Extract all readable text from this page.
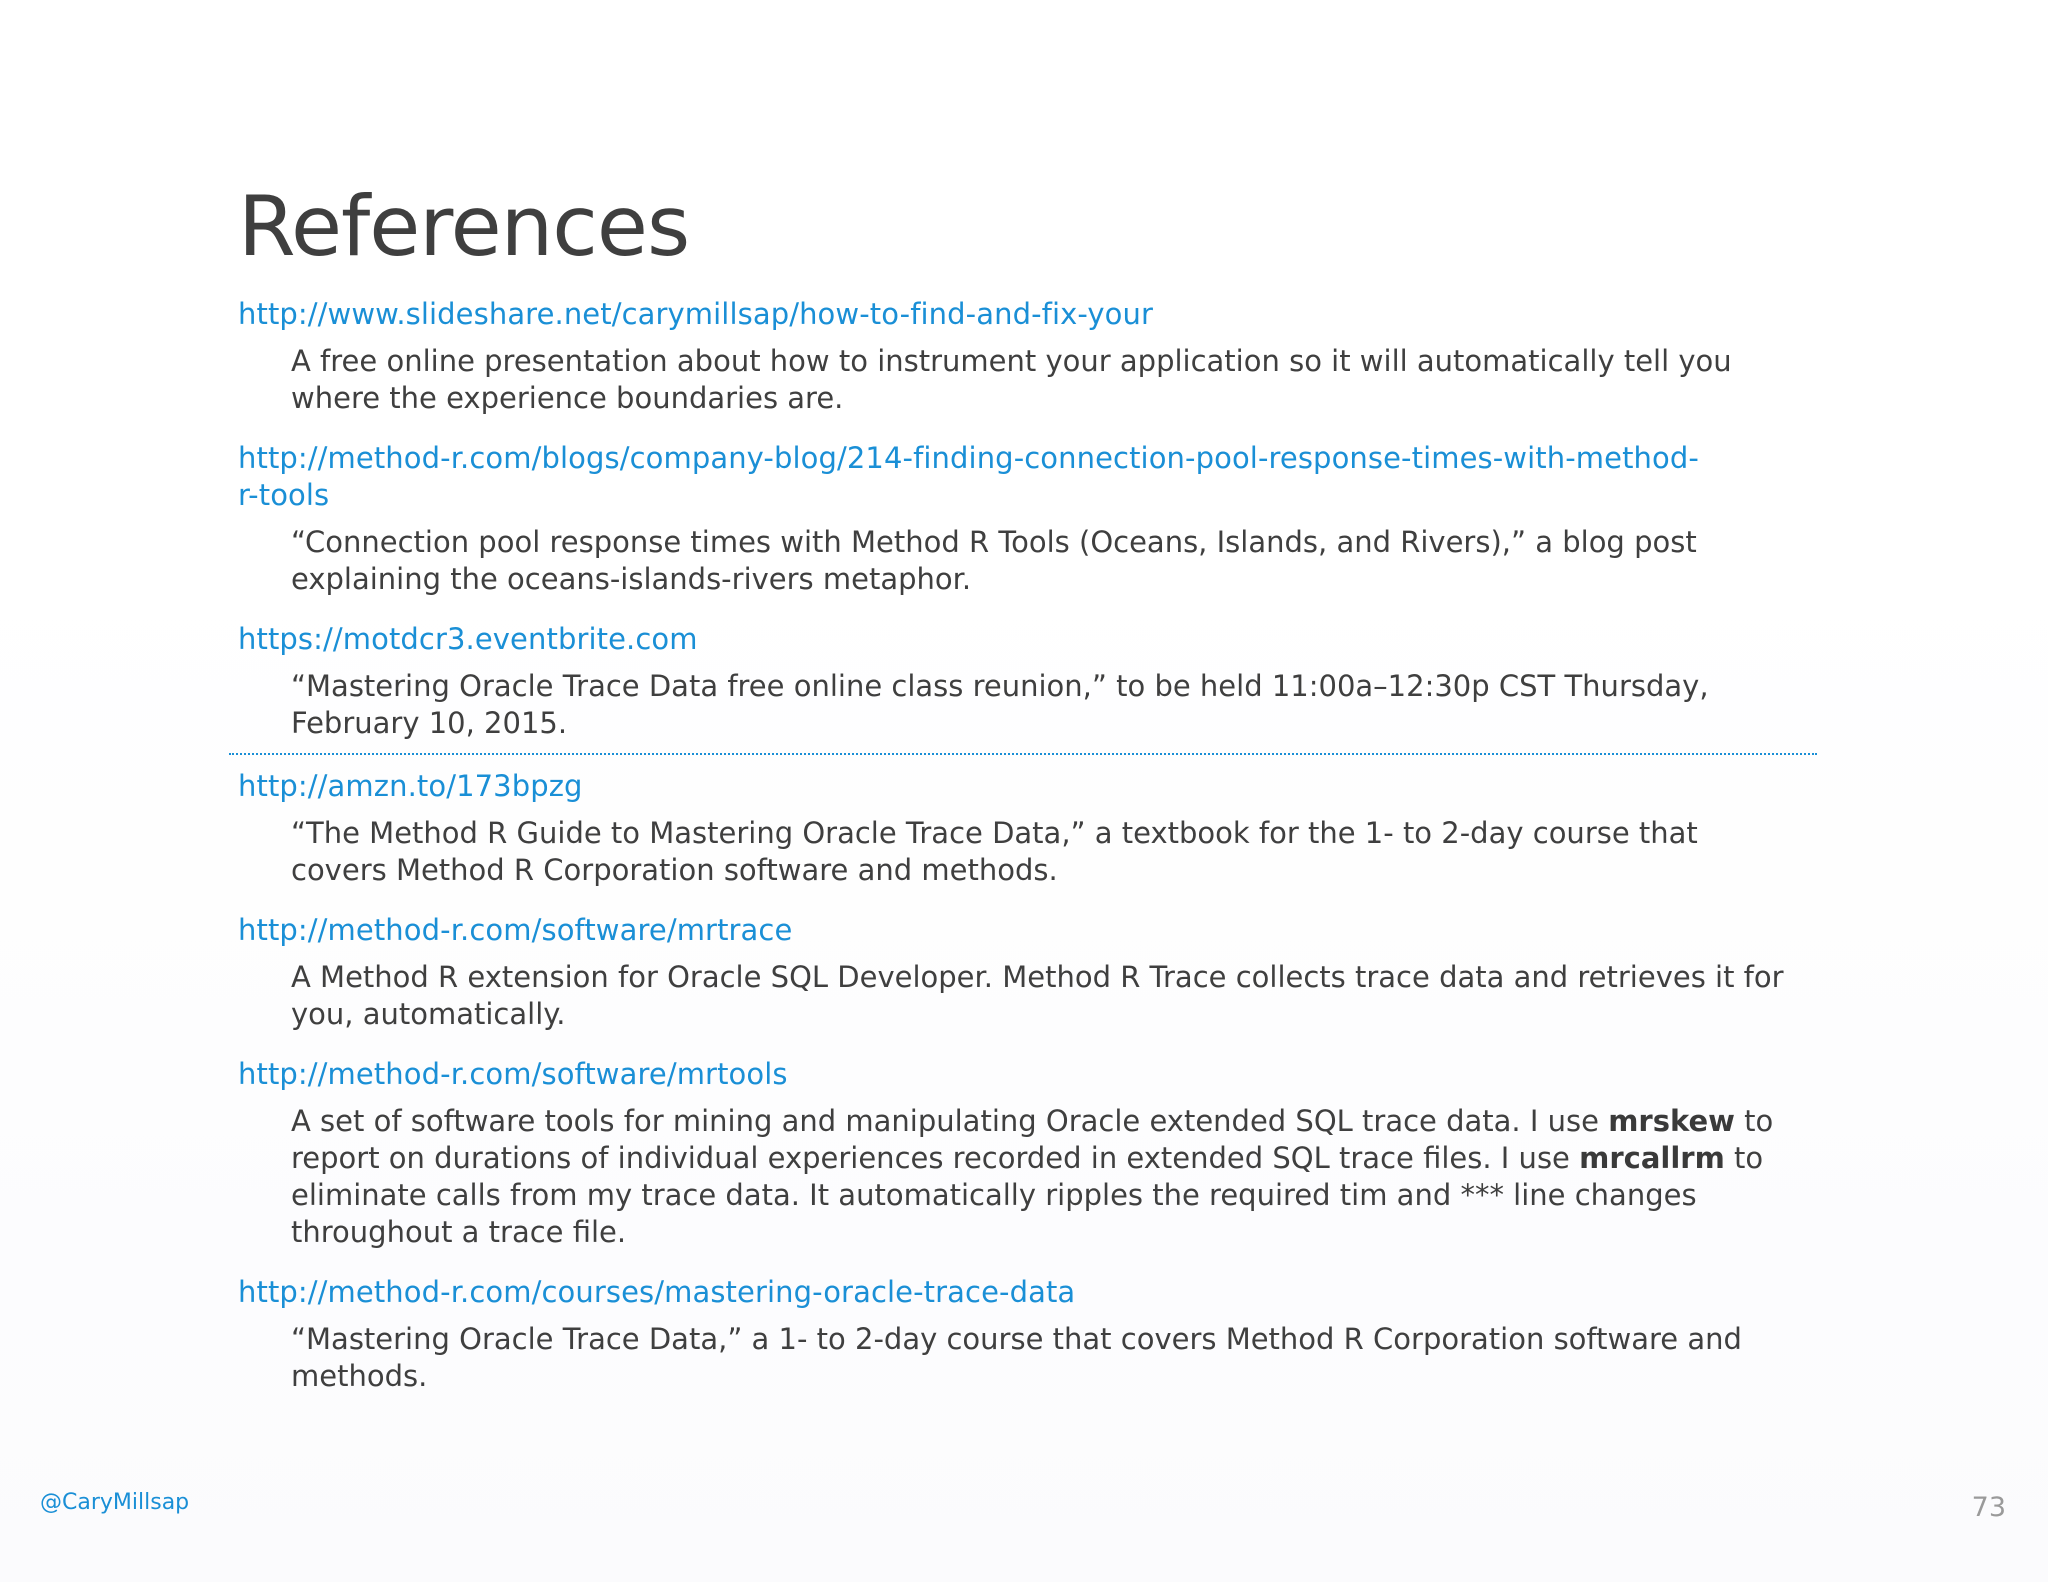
References
http://www.slideshare.net/carymillsap/how-to-find-and-fix-your
A free online presentation about how to instrument your application so it will automatically tell you where the experience boundaries are.
http://method-r.com/blogs/company-blog/214-finding-connection-pool-response-times-with-method-
r-tools
“Connection pool response times with Method R Tools (Oceans, Islands, and Rivers),” a blog post explaining the oceans-islands-rivers metaphor.
https://motdcr3.eventbrite.com
“Mastering Oracle Trace Data free online class reunion,” to be held 11:00a–12:30p CST Thursday, February 10, 2015.
http://amzn.to/173bpzg
“The Method R Guide to Mastering Oracle Trace Data,” a textbook for the 1- to 2-day course that covers Method R Corporation software and methods.
http://method-r.com/software/mrtrace
A Method R extension for Oracle SQL Developer. Method R Trace collects trace data and retrieves it for you, automatically.
http://method-r.com/software/mrtools
A set of software tools for mining and manipulating Oracle extended SQL trace data. I use mrskew to report on durations of individual experiences recorded in extended SQL trace files. I use mrcallrm to eliminate calls from my trace data. It automatically ripples the required tim and *** line changes throughout a trace file.
http://method-r.com/courses/mastering-oracle-trace-data
“Mastering Oracle Trace Data,” a 1- to 2-day course that covers Method R Corporation software and methods.
@CaryMillsap	73
